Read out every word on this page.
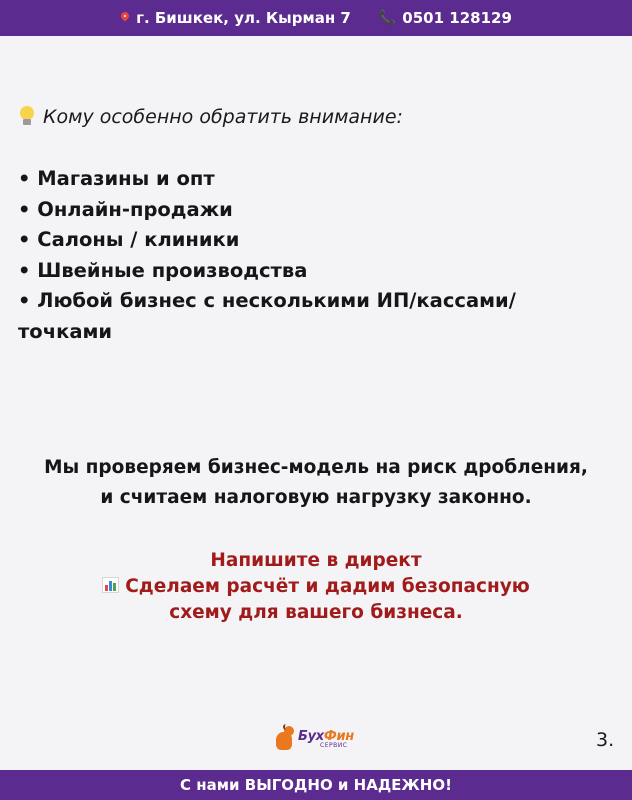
г. Бишкек, ул. Кырман 7 📞 0501 128129
Кому особенно обратить внимание:
• Магазины и опт
• Онлайн-продажи
• Салоны / клиники
• Швейные производства
• Любой бизнес с несколькими ИП/кассами/ точками
Мы проверяем бизнес-модель на риск дробления,
и считаем налоговую нагрузку законно.
Напишите в директ
Сделаем расчёт и дадим безопасную
схему для вашего бизнеса.
БухФин
СЕРВИС	3.
С нами ВЫГОДНО и НАДЕЖНО!
